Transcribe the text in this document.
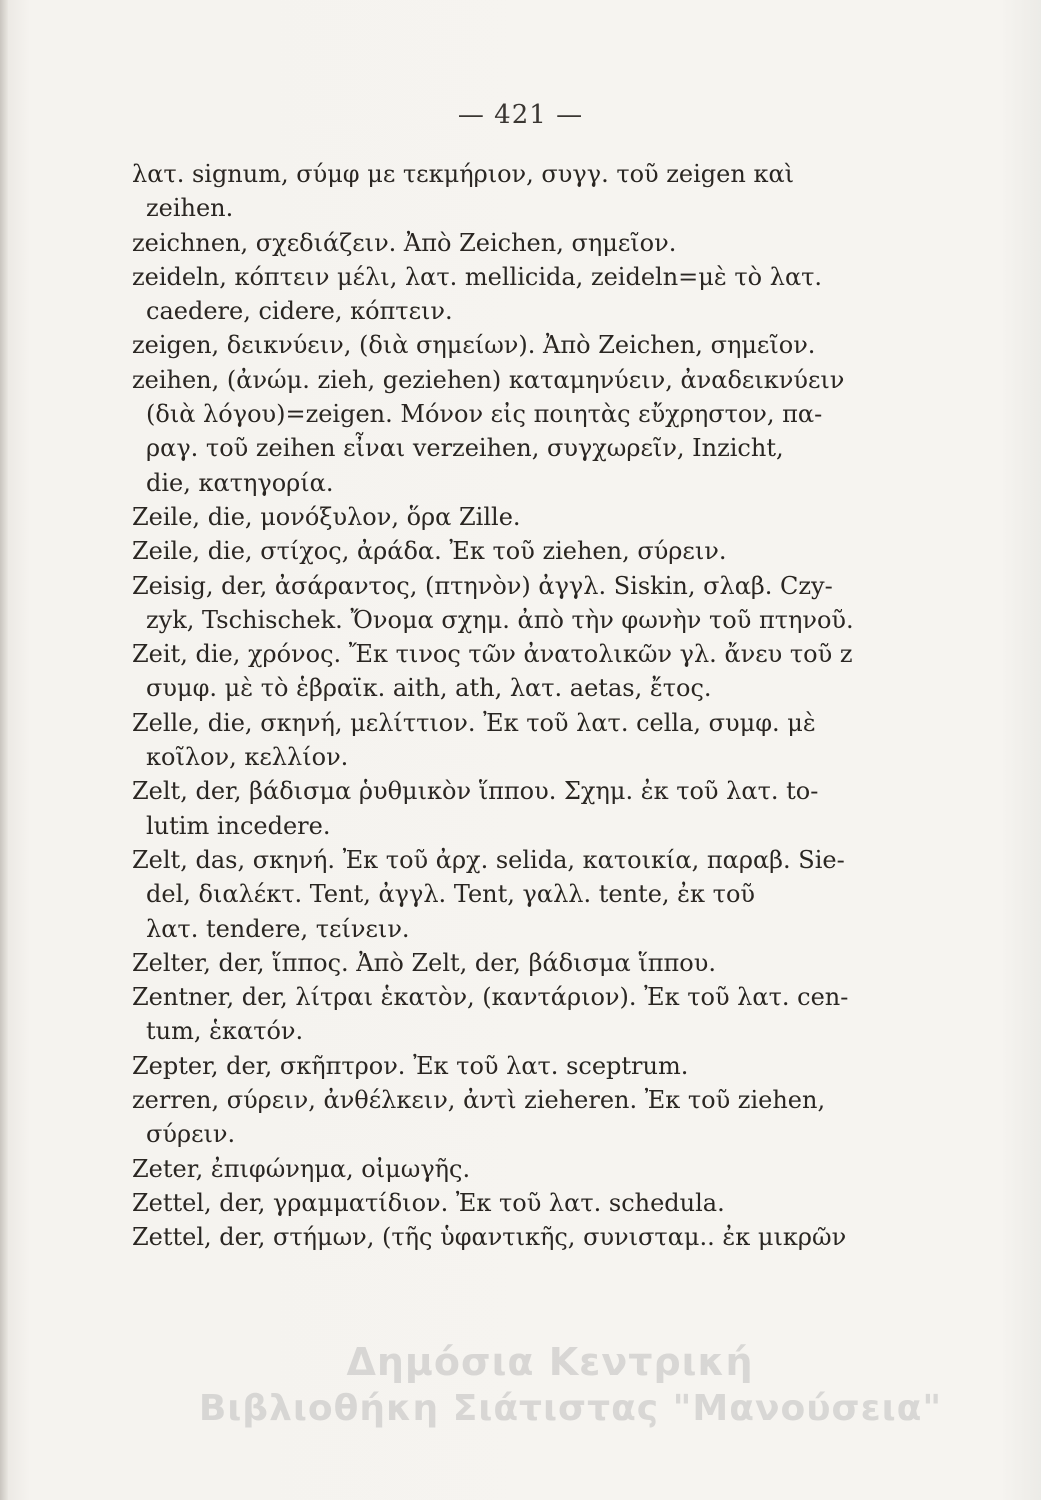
— 421 —
λατ. signum, σύμφ με τεκμήριον, συγγ. τοῦ zeigen καὶ
zeihen.
zeichnen, σχεδιάζειν. Ἀπὸ Zeichen, σημεῖον.
zeideln, κόπτειν μέλι, λατ. mellicida, zeideln=μὲ τὸ λατ.
caedere, cidere, κόπτειν.
zeigen, δεικνύειν, (διὰ σημείων). Ἀπὸ Zeichen, σημεῖον.
zeihen, (ἀνώμ. zieh, geziehen) καταμηνύειν, ἀναδεικνύειν
(διὰ λόγου)=zeigen. Μόνον εἰς ποιητὰς εὔχρηστον, πα-
ραγ. τοῦ zeihen εἶναι verzeihen, συγχωρεῖν, Inzicht,
die, κατηγορία.
Zeile, die, μονόξυλον, ὅρα Zille.
Zeile, die, στίχος, ἀράδα. Ἐκ τοῦ ziehen, σύρειν.
Zeisig, der, ἀσάραντος, (πτηνὸν) ἀγγλ. Siskin, σλαβ. Czy-
zyk, Tschischek. Ὄνομα σχημ. ἀπὸ τὴν φωνὴν τοῦ πτηνοῦ.
Zeit, die, χρόνος. Ἔκ τινος τῶν ἀνατολικῶν γλ. ἄνευ τοῦ z
συμφ. μὲ τὸ ἑβραϊκ. aith, ath, λατ. aetas, ἔτος.
Zelle, die, σκηνή, μελίττιον. Ἐκ τοῦ λατ. cella, συμφ. μὲ
κοῖλον, κελλίον.
Zelt, der, βάδισμα ῥυθμικὸν ἵππου. Σχημ. ἐκ τοῦ λατ. to-
lutim incedere.
Zelt, das, σκηνή. Ἐκ τοῦ ἀρχ. selida, κατοικία, παραβ. Sie-
del, διαλέκτ. Tent, ἀγγλ. Tent, γαλλ. tente, ἐκ τοῦ
λατ. tendere, τείνειν.
Zelter, der, ἵππος. Ἀπὸ Zelt, der, βάδισμα ἵππου.
Zentner, der, λίτραι ἑκατὸν, (καντάριον). Ἐκ τοῦ λατ. cen-
tum, ἑκατόν.
Zepter, der, σκῆπτρον. Ἐκ τοῦ λατ. sceptrum.
zerren, σύρειν, ἀνθέλκειν, ἀντὶ zieheren. Ἐκ τοῦ ziehen,
σύρειν.
Zeter, ἐπιφώνημα, οἰμωγῆς.
Zettel, der, γραμματίδιον. Ἐκ τοῦ λατ. schedula.
Zettel, der, στήμων, (τῆς ὑφαντικῆς, συνισταμ.. ἐκ μικρῶν
Δημόσια Κεντρική
Βιβλιοθήκη Σιάτιστας "Μανούσεια"
